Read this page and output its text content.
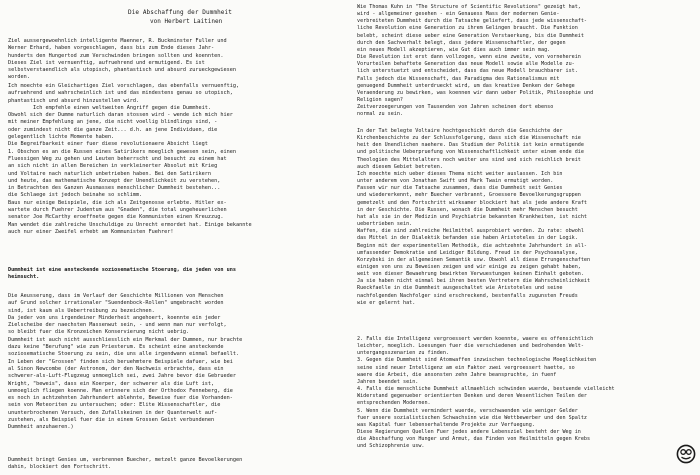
Die Abschaffung der Dummheit
von Herbert Laitinen

Ziel aussergewoehnlich intelligente Maenner, R. Buckminster Fuller und
Werner Erhard, haben vorgeschlagen, dass bis zum Ende dieses Jahr-
hunderts den Hungertod zum Verschwinden bringen sollten und koennten.
Dieses Ziel ist vernuenftig, aufruehrend und ermutigend. Es ist
selbstverstaendlich als utopisch, phantastisch und absurd zurueckgewiesen
worden.

Ich moechte ein Gleichartiges Ziel vorschlagen, das ebenfalls vernuenftig,
aufruehrend und wahrscheinlich ist und das mindestens genau so utopisch,
phantastisch und absurd hinzustellen wird.
Ich empfehle einen weltweiten Angriff gegen die Dummheit.
Obwohl sich der Dumme naturlich daran stossen wird - wende ich mich hier
mit meiner Empfehlung an jene, die nicht voellig blindlings sind, -
oder zumindest nicht die ganze Zeit... d.h. an jene Individuen, die
gelegentlich lichte Momente haben.
Die Begreifbarkeit einer fuer diese revolutionaere Absicht liegt
1. Obschon es an die Russen eines Satirikers moeglich gewesen sein, einen
Fluessigen Weg zu gehen und Leuten beherrscht und besucht zu einem hat
an sich nicht in allen Bereichen in verkleinerter Absolut mit Krieg
und Voltaire nach naturlich unbetrieben haben. Bei den Satirikern
und heute, das mathematische Konzept der Unendlichkeit zu verstehen,
in Betrachten des Ganzen Ausmasses menschlicher Dummheit bestehen...
die Schlaege ist jedoch beinahe so schlimm.
Baus nur einige Beispiele, die ich als Zeitgenosse erlebte. Hitler ex-
wartete durch Fuehrer Judentum aus "Gnaden", die total ungeheuerlichen
senator Joe McCarthy eroeffnete gegen die Kommunisten einen Kreuzzug.
Man wendet die zahlreiche Unschuldige zu Unrecht ermordet hat. Einige bekannte
auch nur einer Zweifel erhebt am Kommunisten Fuehrer!

Dummheit ist eine ansteckende soziosematische Stoerung, die jeden von uns
heimsucht.

Die Aeusserung, dass im Verlauf der Geschichte Millionen von Menschen
auf Grund solcher irrationaler "Suendenbock-Rollen" umgebracht worden
sind, ist kaum als Uebertreibung zu bezeichnen.
Da jeder von uns irgendeiner Minderheit angehoert, koennte ein jeder
Zielscheibe der naechsten Massenwut sein, - und wenn man nur verfolgt,
so bleibt fuer die Kronzeichen Konservierung nicht uebrig.
Dummheit ist auch nicht ausschliesslich ein Merkmal der Dummen, nur brachte
dazu keine "Berufung" wie zum Priesterum. Es scheint eine ansteckende
soziosematische Stoerung zu sein, die uns alle irgendwann einmal befaellt.
In Leben der "Grossen" finden sich beruehmtere Beispiele dafuer, wie bei
al Sinon Newcombe (der Astronom, der den Nachweis erbrachte, dass ein
schwerer-als-Luft-Flugzeug unmoeglich sei, zwei Jahre bevor die Gebrueder
Wright, "beweis", dass ein Koerper, der schwerer als die Luft ist,
unmoeglich fliegen koenne. Man erinnere sich der Orthodox Fenneberg, die
es noch in achtzehnten Jahrhundert ablehnte, Beweise fuer die Vorhanden-
sein von Meteoriten zu untersuchen; oder: Elite Wissenschaftler, die
ununterbrochenen Versuch, den Zufallskeinen in der Quanterwelt auf-
zustehen, als Beispiel fuer die in einem Grossen Geist verbundenen
Dummheit anzuhaeren.)

Dummheit bringt Genies um, verbrennen Buecher, metzelt ganze Bevoelkerungen
dahin, blockiert den Fortschritt.

Wie Thomas Kuhn in "The Structure of Scientific Revolutions" gezeigt hat,
wird - allgemeiner gesehen - ein Genauess Mass der modernen Genie-
verbreiteten Dummheit durch die Tatsache geliefert, dass jede wissenschaft-
liche Revolution eine Generation zu ihrem Gelingen braucht. Die Funktion
belebt, scheint diese ueber eine Generation Verstaerkung, bis die Dummheit
durch den Sachverhalt belegt, dass jedere Wissenschaftler, der gegen
ein neues Modell akzeptieren, wie Gut dies auch immer sein mag.
Die Revolution ist erst dann vollzogen, wenn eine zweite, von vorneherein
Vorurteilen behaftete Generation das neue Modell sowie alle Modelle zu-
lich unterstuetzt und entscheidet, dass das neue Modell brauchbarer ist.
Falls jedoch die Wissenschaft, das Paradigma des Rationalismus mit
genuegend Dummheit unterdrueckt wird, um das kreative Denken der Gehege
Veraenderung zu bewirken, was koennen wir dann ueber Politik, Philosophie und
Religion sagen?
Zeitverzoegerungen von Tausenden von Jahren scheinen dort ebenso
normal zu sein.

In der Tat belegte Voltaire hochtgeschickt durch die Geschichte der
Kirchenbeschichte zu der Schlussfolgerung, dass sich die Wissenschaft nie
heit den Unendlichen naehere. Das Studium der Politik ist kein ermutigende
und politische Ueberpruefung von Wissenschaftlichkeit unter einem ende die
Theologien des Mittelalters noch weiter uns sind und sich reichlich breit
auch diesem Gebiet betreten.
Ich moechte mich ueber dieses Thema nicht weiter auslassen. Ich bin
unter anderem von Jonathan Swift und Mark Twain ermutigt worden.
Fassen wir nur die Tatsache zusammen, dass die Dummheit seit Genies
und wiedererkennt, mehr Buecher verbrannt, Groessere Bevoelkerungsgruppen
gemetzelt und den Fortschritt wirksamer blockiert hat als jede andere Kraft
in der Geschichte. Die Russen, wonach die Dummheit mehr Menschen besucht
hat als sie in der Medizin und Psychiatrie bekannten Krankheiten, ist nicht
uebertrieben sein.
Waffen, die sind zahlreiche Heilmittel ausprobiert worden. Zu rate: obwohl
das Mittel in der Dialektik befanden sie haben Aristoteles in der Logik.
Beginn mit der experimentellen Methodik, die achtzehnte Jahrhundert in all-
umfassender Demokratie und Leidiger Bildung. Freud in der Psychoanalyse,
Korzybski in der allgemeinen Semantik usw. Obwohl all diese Errungenschaften
einigen von uns zu Beweisen zeigen und wir einige zu zeigen gehabt haben,
weit von dieser Bewaehrung bewirkten Verwuestungen keinen Einhalt geboten.
Ja sie haben nicht einmal bei ihren besten Vertretern die Wahrscheinlichkeit
Rueckfaelle in die Dummheit ausgeschaltet wie Aristoteles und seine
nachfolgenden Nachfolger sind erschreckend, bestenfalls zugunsten Freuds
wie er gelernt hat.

2. Falls die Intelligenz vergroessert werden koennte, waere es offensichtlich
leichter, moeglich. Loesungen fuer die verschiedenen und bedrohenden Welt-
untergangsszenarien zu finden.
3. Gegen die Dummheit sind Atomwaffen inzwischen technologische Moeglichkeiten
seine sind neuer Intelligenz am ein Faktor zwei vergroessert haette, so
waere die Arbeit, die ansonsten zehn Jahre beanspruchte, in fuenf
Jahren beendet sein.
4. Falls die menschliche Dummheit allmaehlich schwinden wuerde, bestuende vielleicht
Widerstand gegenueber orientierten Denken und deren Wesentlichen Teilen der
entsprechenden Modernen.
5. Wenn die Dummheit vermindert wuerde, verschwaenden wie weniger Gelder
fuer unsere sozialistischen Schwachsinn wie die Wettbewerber und den Spaltz
was Kapital fuer lebenserhaltende Projekte zur Verfuegung.
Diese Regierungen Quellen Fuer jedes andere Lebensziel besteht der Weg in
die Abschaffung von Hunger und Armut, das Finden von Heilmitteln gegen Krebs
und Schizophrenie usw.
